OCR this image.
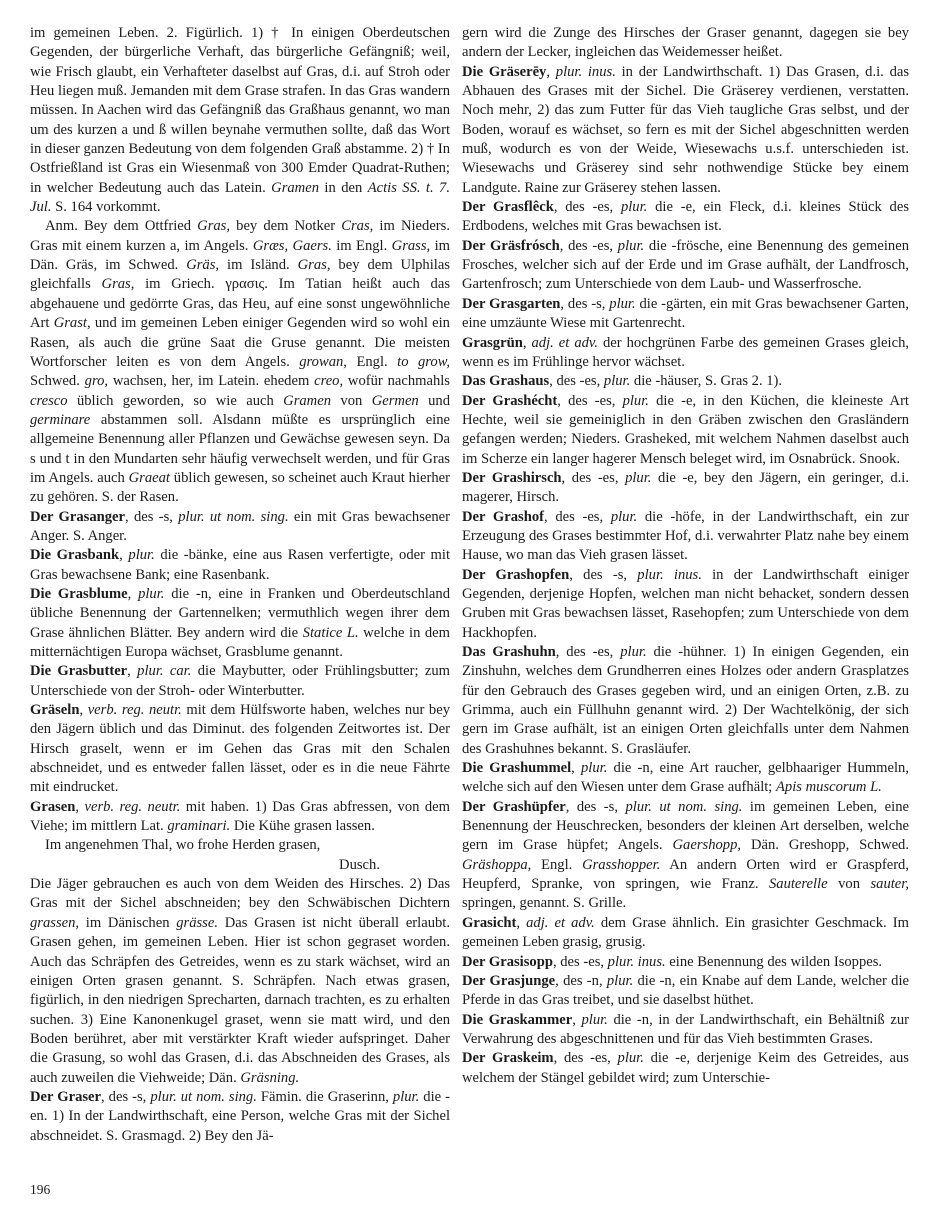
im gemeinen Leben. 2. Figürlich. 1) † In einigen Oberdeutschen Gegenden, der bürgerliche Verhaft, das bürgerliche Gefängniß; weil, wie Frisch glaubt, ein Verhafteter daselbst auf Gras, d.i. auf Stroh oder Heu liegen muß. Jemanden mit dem Grase strafen. In das Gras wandern müssen. In Aachen wird das Gefängniß das Graßhaus genannt, wo man um des kurzen a und ß willen beynahe vermuthen sollte, daß das Wort in dieser ganzen Bedeutung von dem folgenden Graß abstamme. 2) † In Ostfrießland ist Gras ein Wiesenmaß von 300 Emder Quadrat-Ruthen; in welcher Bedeutung auch das Latein. Gramen in den Actis SS. t. 7. Jul. S. 164 vorkommt.

Anm. Bey dem Ottfried Gras, bey dem Notker Cras, im Nieders. Gras mit einem kurzen a, im Angels. Græs, Gaers. im Engl. Grass, im Dän. Gräs, im Schwed. Gräs, im Isländ. Gras, bey dem Ulphilas gleichfalls Gras, im Griech. γρασις. Im Tatian heißt auch das abgehauene und gedörrte Gras, das Heu, auf eine sonst ungewöhnliche Art Grast, und im gemeinen Leben einiger Gegenden wird so wohl ein Rasen, als auch die grüne Saat die Gruse genannt. Die meisten Wortforscher leiten es von dem Angels. growan, Engl. to grow, Schwed. gro, wachsen, her, im Latein. ehedem creo, wofür nachmahls cresco üblich geworden, so wie auch Gramen von Germen und germinare abstammen soll. Alsdann müßte es ursprünglich eine allgemeine Benennung aller Pflanzen und Gewächse gewesen seyn. Da s und t in den Mundarten sehr häufig verwechselt werden, und für Gras im Angels. auch Graeat üblich gewesen, so scheinet auch Kraut hierher zu gehören. S. der Rasen.

Der Grasanger, des -s, plur. ut nom. sing. ein mit Gras bewachsener Anger. S. Anger.

Die Grasbank, plur. die -bänke, eine aus Rasen verfertigte, oder mit Gras bewachsene Bank; eine Rasenbank.

Die Grasblume, plur. die -n, eine in Franken und Oberdeutschland übliche Benennung der Gartennelken; vermuthlich wegen ihrer dem Grase ähnlichen Blätter. Bey andern wird die Statice L. welche in dem mitternächtigen Europa wächset, Grasblume genannt.

Die Grasbutter, plur. car. die Maybutter, oder Frühlingsbutter; zum Unterschiede von der Stroh- oder Winterbutter.

Gräseln, verb. reg. neutr. mit dem Hülfsworte haben, welches nur bey den Jägern üblich und das Diminut. des folgenden Zeitwortes ist. Der Hirsch graselt, wenn er im Gehen das Gras mit den Schalen abschneidet, und es entweder fallen lässet, oder es in die neue Fährte mit eindrucket.

Grasen, verb. reg. neutr. mit haben. 1) Das Gras abfressen, von dem Viehe; im mittlern Lat. graminari. Die Kühe grasen lassen.

Im angenehmen Thal, wo frohe Herden grasen,

Dusch.

Die Jäger gebrauchen es auch von dem Weiden des Hirsches. 2) Das Gras mit der Sichel abschneiden; bey den Schwäbischen Dichtern grassen, im Dänischen grässe. Das Grasen ist nicht überall erlaubt. Grasen gehen, im gemeinen Leben. Hier ist schon gegraset worden. Auch das Schräpfen des Getreides, wenn es zu stark wächset, wird an einigen Orten grasen genannt. S. Schräpfen. Nach etwas grasen, figürlich, in den niedrigen Sprecharten, darnach trachten, es zu erhalten suchen. 3) Eine Kanonenkugel graset, wenn sie matt wird, und den Boden berühret, aber mit verstärkter Kraft wieder aufspringet. Daher die Grasung, so wohl das Grasen, d.i. das Abschneiden des Grases, als auch zuweilen die Viehweide; Dän. Gräsning.

Der Graser, des -s, plur. ut nom. sing. Fämin. die Graserinn, plur. die -en. 1) In der Landwirthschaft, eine Person, welche Gras mit der Sichel abschneidet. S. Grasmagd. 2) Bey den Jä-

gern wird die Zunge des Hirsches der Graser genannt, dagegen sie bey andern der Lecker, ingleichen das Weidemesser heißet.

Die Gräserēy, plur. inus. in der Landwirthschaft. 1) Das Grasen, d.i. das Abhauen des Grases mit der Sichel. Die Gräserey verdienen, verstatten. Noch mehr, 2) das zum Futter für das Vieh taugliche Gras selbst, und der Boden, worauf es wächset, so fern es mit der Sichel abgeschnitten werden muß, wodurch es von der Weide, Wiesewachs u.s.f. unterschieden ist. Wiesewachs und Gräserey sind sehr nothwendige Stücke bey einem Landgute. Raine zur Gräserey stehen lassen.

Der Grasflêck, des -es, plur. die -e, ein Fleck, d.i. kleines Stück des Erdbodens, welches mit Gras bewachsen ist.

Der Gräsfrósch, des -es, plur. die -frösche, eine Benennung des gemeinen Frosches, welcher sich auf der Erde und im Grase aufhält, der Landfrosch, Gartenfrosch; zum Unterschiede von dem Laub- und Wasserfrosche.

Der Grasgarten, des -s, plur. die -gärten, ein mit Gras bewachsener Garten, eine umzäunte Wiese mit Gartenrecht.

Grasgrün, adj. et adv. der hochgrünen Farbe des gemeinen Grases gleich, wenn es im Frühlinge hervor wächset.

Das Grashaus, des -es, plur. die -häuser, S. Gras 2. 1).

Der Grashécht, des -es, plur. die -e, in den Küchen, die kleineste Art Hechte, weil sie gemeiniglich in den Gräben zwischen den Grasländern gefangen werden; Nieders. Grasheked, mit welchem Nahmen daselbst auch im Scherze ein langer hagerer Mensch beleget wird, im Osnabrück. Snook.

Der Grashirsch, des -es, plur. die -e, bey den Jägern, ein geringer, d.i. magerer, Hirsch.

Der Grashof, des -es, plur. die -höfe, in der Landwirthschaft, ein zur Erzeugung des Grases bestimmter Hof, d.i. verwahrter Platz nahe bey einem Hause, wo man das Vieh grasen lässet.

Der Grashopfen, des -s, plur. inus. in der Landwirthschaft einiger Gegenden, derjenige Hopfen, welchen man nicht behacket, sondern dessen Gruben mit Gras bewachsen lässet, Rasehopfen; zum Unterschiede von dem Hackhopfen.

Das Grashuhn, des -es, plur. die -hühner. 1) In einigen Gegenden, ein Zinshuhn, welches dem Grundherren eines Holzes oder andern Grasplatzes für den Gebrauch des Grases gegeben wird, und an einigen Orten, z.B. zu Grimma, auch ein Füllhuhn genannt wird. 2) Der Wachtelkönig, der sich gern im Grase aufhält, ist an einigen Orten gleichfalls unter dem Nahmen des Grashuhnes bekannt. S. Grasläufer.

Die Grashummel, plur. die -n, eine Art raucher, gelbhaariger Hummeln, welche sich auf den Wiesen unter dem Grase aufhält; Apis muscorum L.

Der Grashüpfer, des -s, plur. ut nom. sing. im gemeinen Leben, eine Benennung der Heuschrecken, besonders der kleinen Art derselben, welche gern im Grase hüpfet; Angels. Gaershopp, Dän. Greshopp, Schwed. Gräshoppa, Engl. Grasshopper. An andern Orten wird er Graspferd, Heupferd, Spranke, von springen, wie Franz. Sauterelle von sauter, springen, genannt. S. Grille.

Grasicht, adj. et adv. dem Grase ähnlich. Ein grasichter Geschmack. Im gemeinen Leben grasig, grusig.

Der Grasisopp, des -es, plur. inus. eine Benennung des wilden Isoppes.

Der Grasjunge, des -n, plur. die -n, ein Knabe auf dem Lande, welcher die Pferde in das Gras treibet, und sie daselbst hüthet.

Die Graskammer, plur. die -n, in der Landwirthschaft, ein Behältniß zur Verwahrung des abgeschnittenen und für das Vieh bestimmten Grases.

Der Graskeim, des -es, plur. die -e, derjenige Keim des Getreides, aus welchem der Stängel gebildet wird; zum Unterschie-

196
